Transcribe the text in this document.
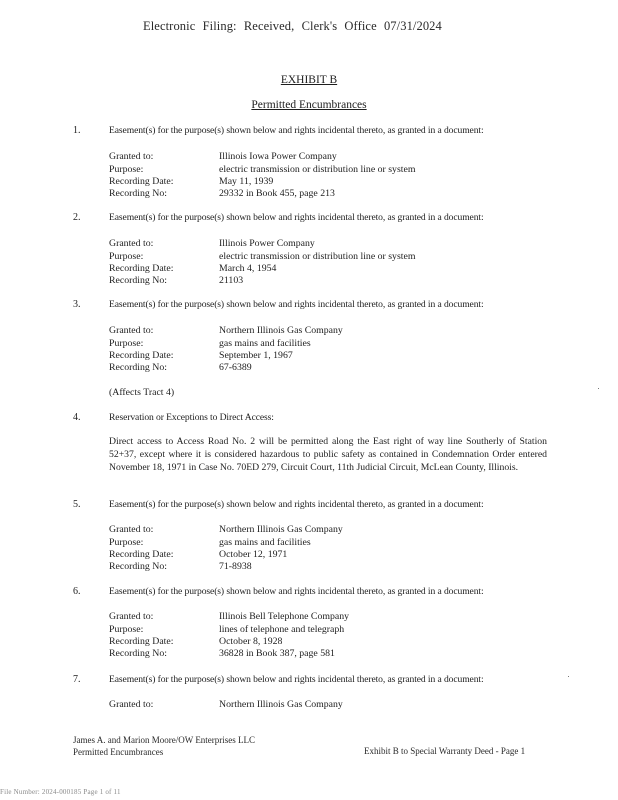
Electronic Filing: Received, Clerk's Office 07/31/2024
EXHIBIT B
Permitted Encumbrances
1.	Easement(s) for the purpose(s) shown below and rights incidental thereto, as granted in a document:
Granted to:	Illinois Iowa Power Company
Purpose:	electric transmission or distribution line or system
Recording Date:	May 11, 1939
Recording No:	29332 in Book 455, page 213
2.	Easement(s) for the purpose(s) shown below and rights incidental thereto, as granted in a document:
Granted to:	Illinois Power Company
Purpose:	electric transmission or distribution line or system
Recording Date:	March 4, 1954
Recording No:	21103
3.	Easement(s) for the purpose(s) shown below and rights incidental thereto, as granted in a document:
Granted to:	Northern Illinois Gas Company
Purpose:	gas mains and facilities
Recording Date:	September 1, 1967
Recording No:	67-6389
(Affects Tract 4)
4.	Reservation or Exceptions to Direct Access:
Direct access to Access Road No. 2 will be permitted along the East right of way line Southerly of Station 52+37, except where it is considered hazardous to public safety as contained in Condemnation Order entered November 18, 1971 in Case No. 70ED 279, Circuit Court, 11th Judicial Circuit, McLean County, Illinois.
5.	Easement(s) for the purpose(s) shown below and rights incidental thereto, as granted in a document:
Granted to:	Northern Illinois Gas Company
Purpose:	gas mains and facilities
Recording Date:	October 12, 1971
Recording No:	71-8938
6.	Easement(s) for the purpose(s) shown below and rights incidental thereto, as granted in a document:
Granted to:	Illinois Bell Telephone Company
Purpose:	lines of telephone and telegraph
Recording Date:	October 8, 1928
Recording No:	36828 in Book 387, page 581
7.	Easement(s) for the purpose(s) shown below and rights incidental thereto, as granted in a document:
Granted to:	Northern Illinois Gas Company
James A. and Marion Moore/OW Enterprises LLC
Permitted Encumbrances	Exhibit B to Special Warranty Deed - Page 1
File Number: 2024-000185 Page 1 of 11
